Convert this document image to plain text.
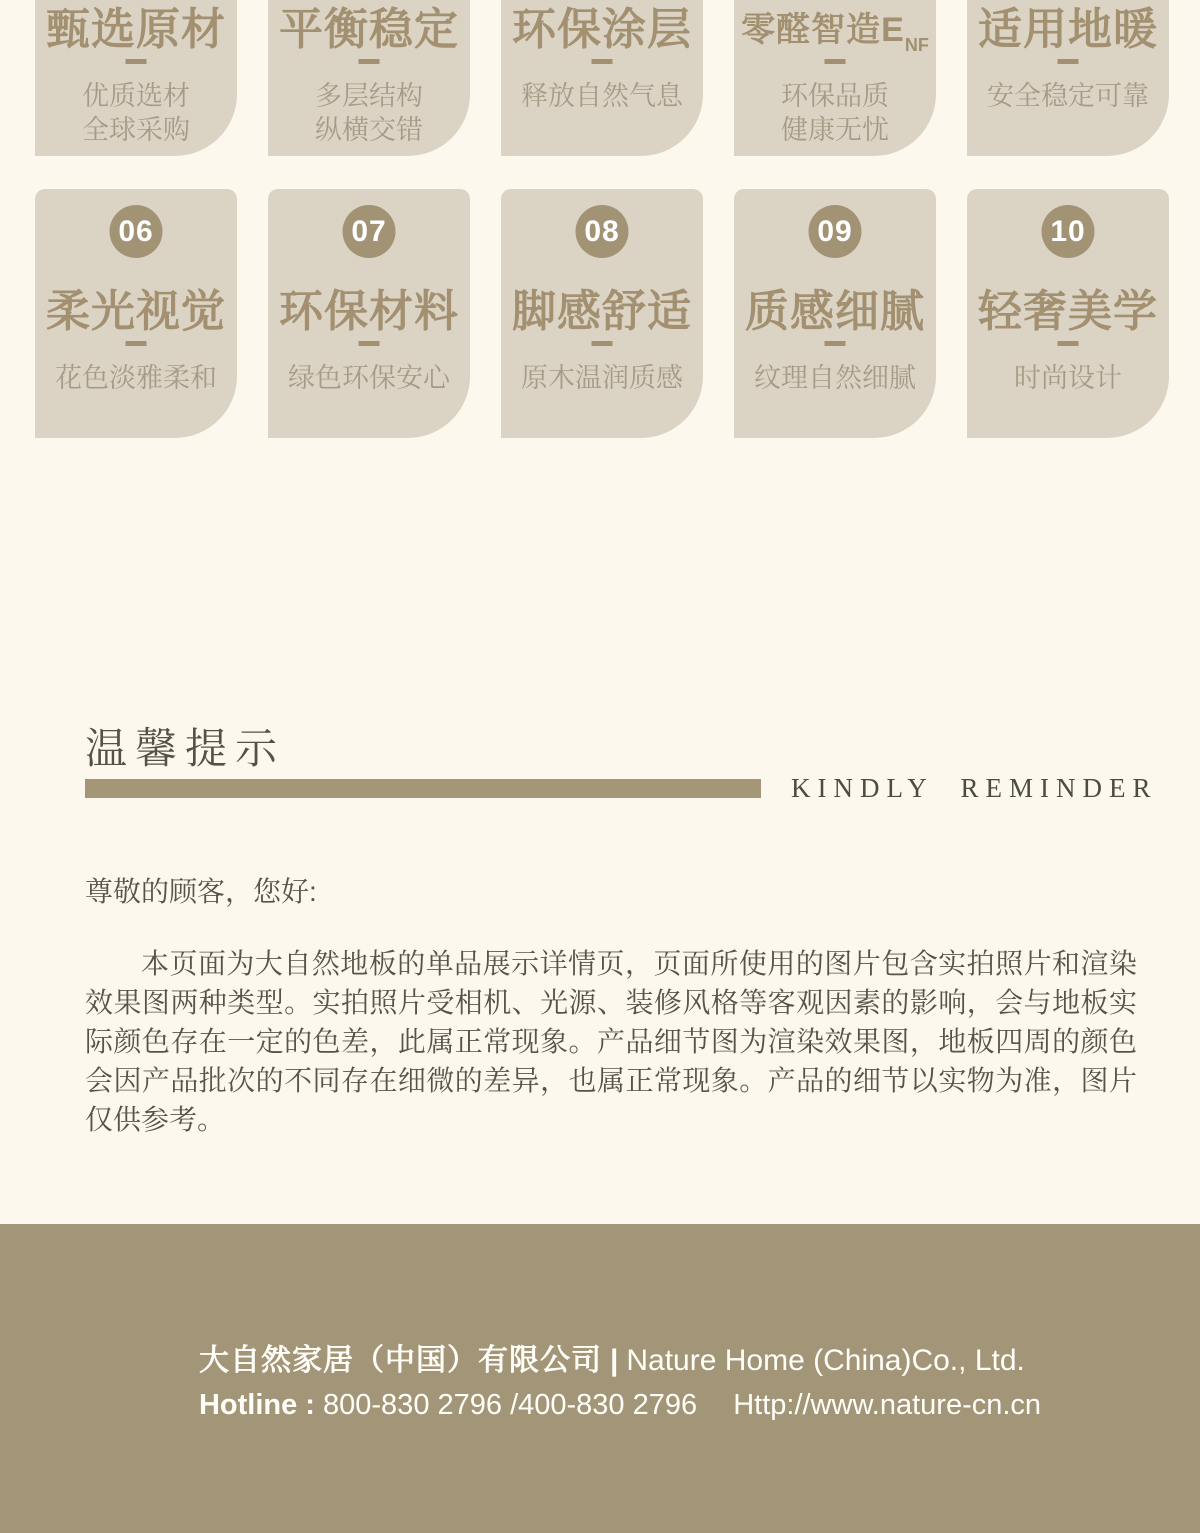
甄选原材
优质选材
全球采购
平衡稳定
多层结构
纵横交错
环保涂层
释放自然气息
零醛智造$E_{NF}$
环保品质
健康无忧
适用地暖
安全稳定可靠
06
柔光视觉
花色淡雅柔和
07
环保材料
绿色环保安心
08
脚感舒适
原木温润质感
09
质感细腻
纹理自然细腻
10
轻奢美学
时尚设计
温馨提示
KINDLY REMINDER
尊敬的顾客，您好:

本页面为大自然地板的单品展示详情页，页面所使用的图片包含实拍照片和渲染效果图两种类型。实拍照片受相机、光源、装修风格等客观因素的影响，会与地板实际颜色存在一定的色差，此属正常现象。产品细节图为渲染效果图，地板四周的颜色会因产品批次的不同存在细微的差异，也属正常现象。产品的细节以实物为准，图片仅供参考。

大自然家居（中国）有限公司 | Nature Home (China)Co., Ltd.
Hotline : 800-830 2796 /400-830 2796 Http://www.nature-cn.cn
